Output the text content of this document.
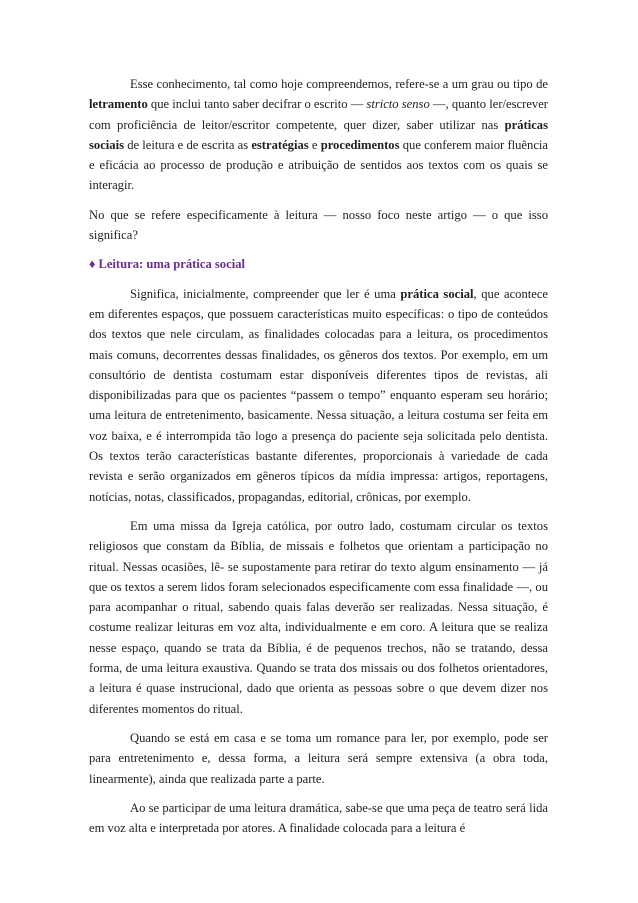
Esse conhecimento, tal como hoje compreendemos, refere-se a um grau ou tipo de letramento que inclui tanto saber decifrar o escrito — stricto senso —, quanto ler/escrever com proficiência de leitor/escritor competente, quer dizer, saber utilizar nas práticas sociais de leitura e de escrita as estratégias e procedimentos que conferem maior fluência e eficácia ao processo de produção e atribuição de sentidos aos textos com os quais se interagir.

No que se refere especificamente à leitura — nosso foco neste artigo — o que isso significa?

♦ Leitura: uma prática social

Significa, inicialmente, compreender que ler é uma prática social, que acontece em diferentes espaços, que possuem características muito específicas: o tipo de conteúdos dos textos que nele circulam, as finalidades colocadas para a leitura, os procedimentos mais comuns, decorrentes dessas finalidades, os gêneros dos textos. Por exemplo, em um consultório de dentista costumam estar disponíveis diferentes tipos de revistas, ali disponibilizadas para que os pacientes “passem o tempo” enquanto esperam seu horário; uma leitura de entretenimento, basicamente. Nessa situação, a leitura costuma ser feita em voz baixa, e é interrompida tão logo a presença do paciente seja solicitada pelo dentista. Os textos terão características bastante diferentes, proporcionais à variedade de cada revista e serão organizados em gêneros típicos da mídia impressa: artigos, reportagens, notícias, notas, classificados, propagandas, editorial, crônicas, por exemplo.

Em uma missa da Igreja católica, por outro lado, costumam circular os textos religiosos que constam da Bíblia, de missais e folhetos que orientam a participação no ritual. Nessas ocasiões, lê- se supostamente para retirar do texto algum ensinamento — já que os textos a serem lidos foram selecionados especificamente com essa finalidade —, ou para acompanhar o ritual, sabendo quais falas deverão ser realizadas. Nessa situação, é costume realizar leituras em voz alta, individualmente e em coro. A leitura que se realiza nesse espaço, quando se trata da Bíblia, é de pequenos trechos, não se tratando, dessa forma, de uma leitura exaustiva. Quando se trata dos missais ou dos folhetos orientadores, a leitura é quase instrucional, dado que orienta as pessoas sobre o que devem dizer nos diferentes momentos do ritual.

Quando se está em casa e se toma um romance para ler, por exemplo, pode ser para entretenimento e, dessa forma, a leitura será sempre extensiva (a obra toda, linearmente), ainda que realizada parte a parte.

Ao se participar de uma leitura dramática, sabe-se que uma peça de teatro será lida em voz alta e interpretada por atores. A finalidade colocada para a leitura é
